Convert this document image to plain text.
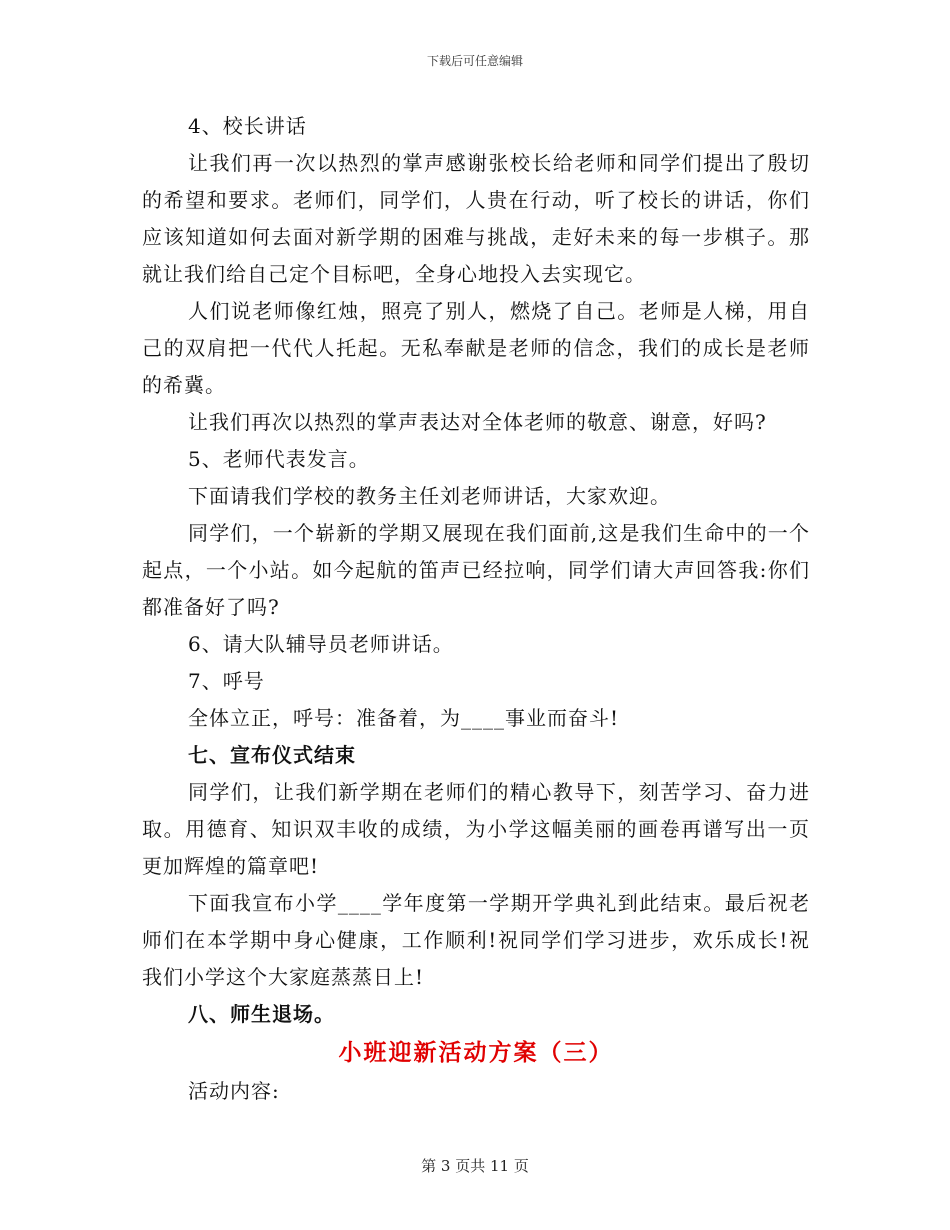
下载后可任意编辑

4、校长讲话

让我们再一次以热烈的掌声感谢张校长给老师和同学们提出了殷切的希望和要求。老师们，同学们，人贵在行动，听了校长的讲话，你们应该知道如何去面对新学期的困难与挑战，走好未来的每一步棋子。那就让我们给自己定个目标吧，全身心地投入去实现它。

人们说老师像红烛，照亮了别人，燃烧了自己。老师是人梯，用自己的双肩把一代代人托起。无私奉献是老师的信念，我们的成长是老师的希冀。

让我们再次以热烈的掌声表达对全体老师的敬意、谢意，好吗?

5、老师代表发言。

下面请我们学校的教务主任刘老师讲话，大家欢迎。

同学们，一个崭新的学期又展现在我们面前,这是我们生命中的一个起点，一个小站。如今起航的笛声已经拉响，同学们请大声回答我:你们都准备好了吗?

6、请大队辅导员老师讲话。

7、呼号

全体立正，呼号：准备着，为____事业而奋斗!

七、宣布仪式结束

同学们，让我们新学期在老师们的精心教导下，刻苦学习、奋力进取。用德育、知识双丰收的成绩，为小学这幅美丽的画卷再谱写出一页更加辉煌的篇章吧!

下面我宣布小学____学年度第一学期开学典礼到此结束。最后祝老师们在本学期中身心健康，工作顺利!祝同学们学习进步，欢乐成长!祝我们小学这个大家庭蒸蒸日上!

八、师生退场。

小班迎新活动方案（三）

活动内容:

第 3 页共 11 页
